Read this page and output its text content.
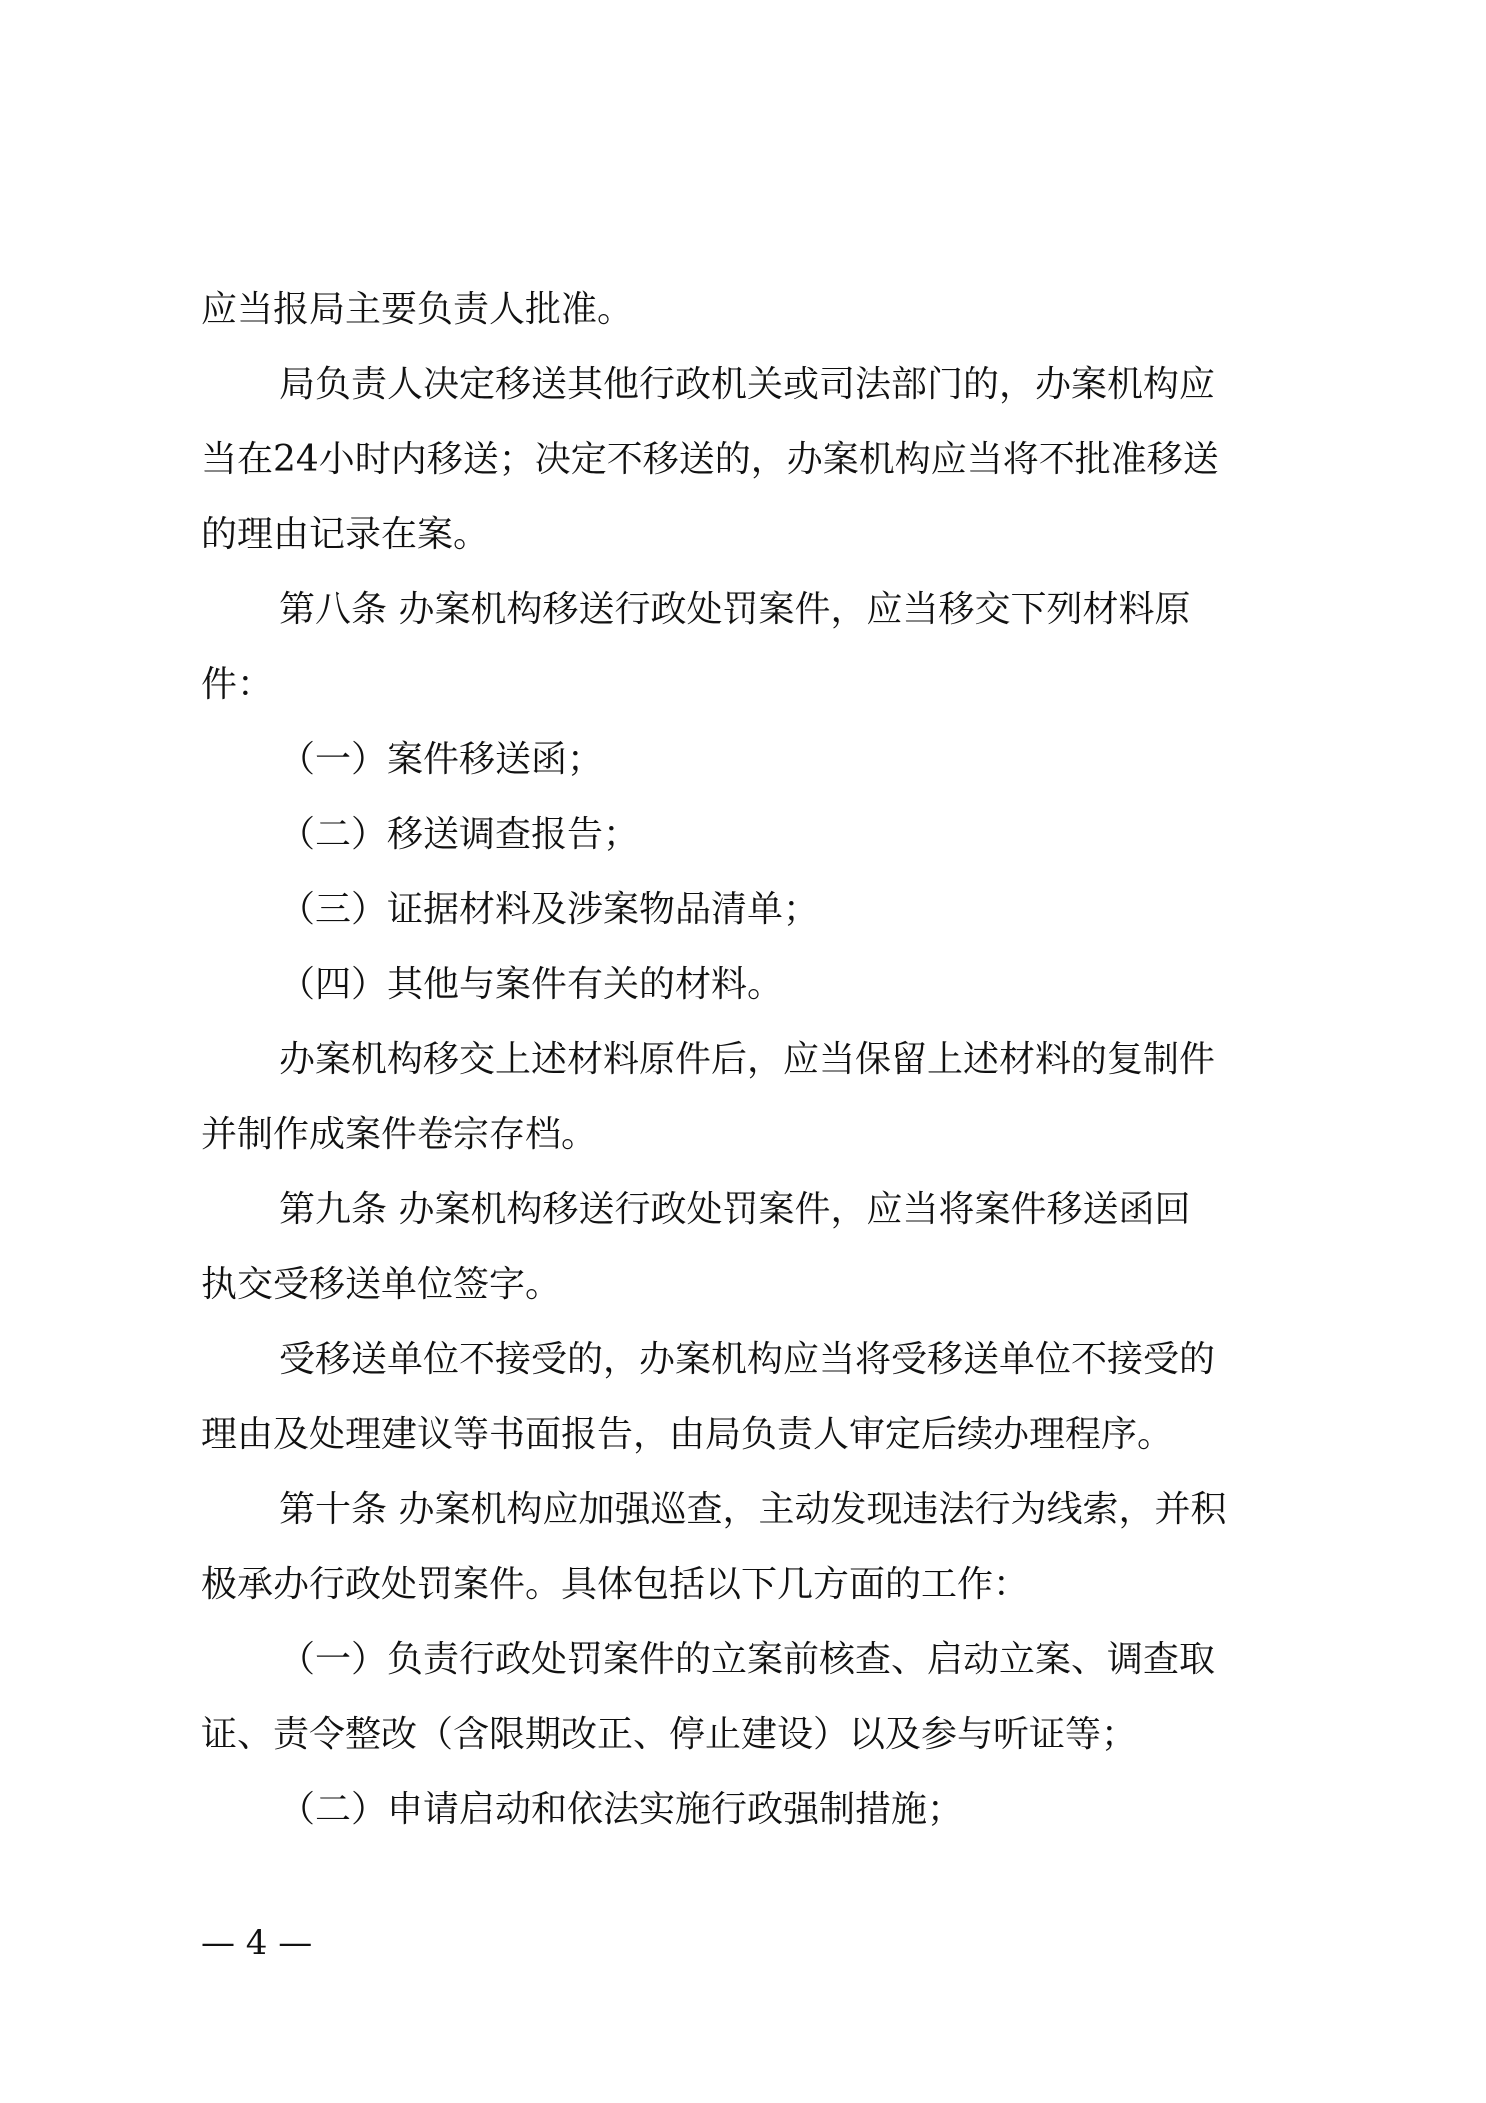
应当报局主要负责人批准。
局负责人决定移送其他行政机关或司法部门的，办案机构应
当在24小时内移送；决定不移送的，办案机构应当将不批准移送
的理由记录在案。
第八条 办案机构移送行政处罚案件，应当移交下列材料原
件：
（一）案件移送函；
（二）移送调查报告；
（三）证据材料及涉案物品清单；
（四）其他与案件有关的材料。
办案机构移交上述材料原件后，应当保留上述材料的复制件
并制作成案件卷宗存档。
第九条 办案机构移送行政处罚案件，应当将案件移送函回
执交受移送单位签字。
受移送单位不接受的，办案机构应当将受移送单位不接受的
理由及处理建议等书面报告，由局负责人审定后续办理程序。
第十条 办案机构应加强巡查，主动发现违法行为线索，并积
极承办行政处罚案件。具体包括以下几方面的工作：
（一）负责行政处罚案件的立案前核查、启动立案、调查取
证、责令整改（含限期改正、停止建设）以及参与听证等；
（二）申请启动和依法实施行政强制措施；
— 4 —
